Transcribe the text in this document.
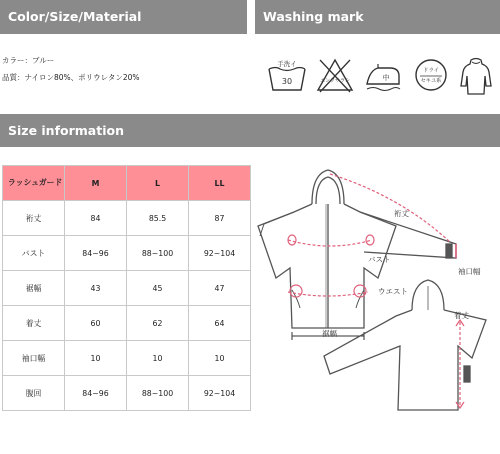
Color/Size/Material	Washing mark
カラー：ブルー
品質：ナイロン80%、ポリウレタン20%
手洗イ
30	エンソサラシ	中
ドライ
セキユ系
Size information
ラッシュガード	M	L	LL
裄丈	84	85.5	87
バスト	84~96	88~100	92~104
裾幅	43	45	47
着丈	60	62	64
袖口幅	10	10	10
腹回	84~96	88~100	92~104
裄丈
バスト
袖口幅
ウエスト
裾幅
着丈
